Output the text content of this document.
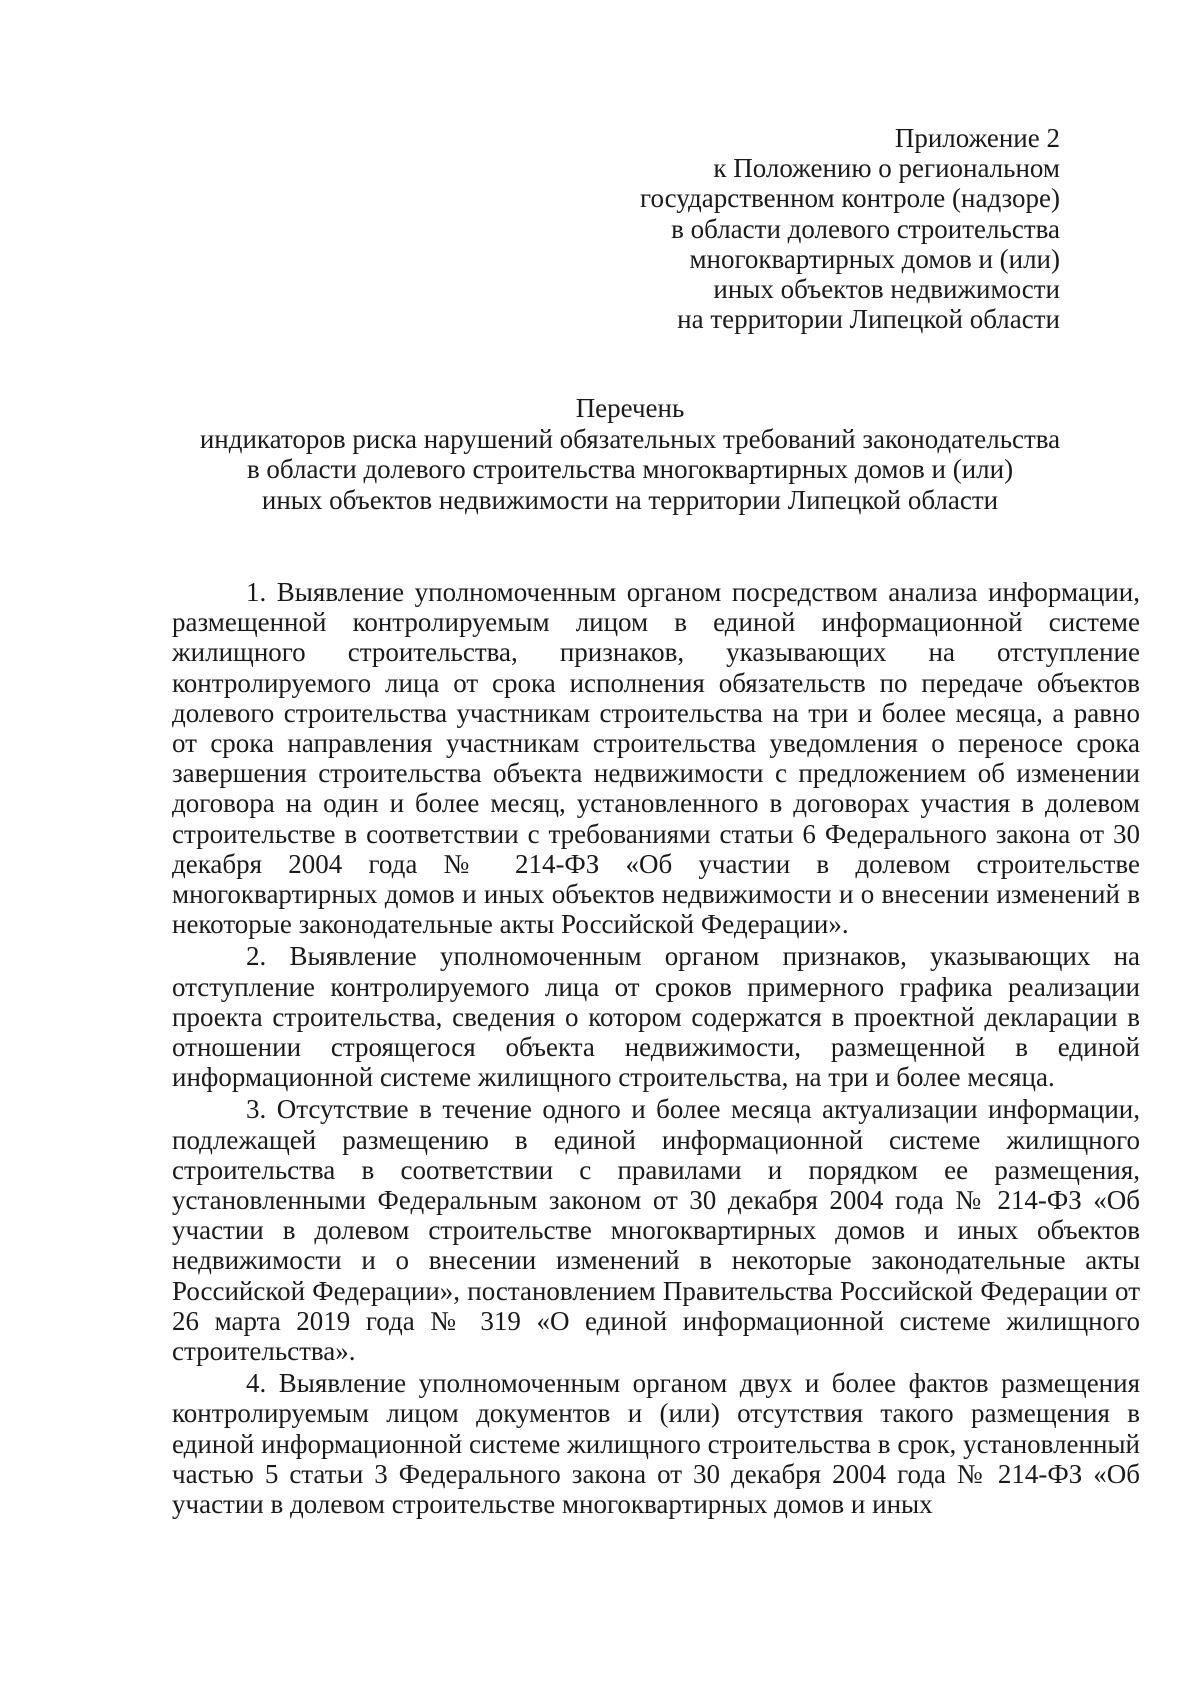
Приложение 2
к Положению о региональном
государственном контроле (надзоре)
в области долевого строительства
многоквартирных домов и (или)
иных объектов недвижимости
на территории Липецкой области
Перечень
индикаторов риска нарушений обязательных требований законодательства
в области долевого строительства многоквартирных домов и (или)
иных объектов недвижимости на территории Липецкой области

1. Выявление уполномоченным органом посредством анализа информации, размещенной контролируемым лицом в единой информационной системе жилищного строительства, признаков, указывающих на отступление контролируемого лица от срока исполнения обязательств по передаче объектов долевого строительства участникам строительства на три и более месяца, а равно от срока направления участникам строительства уведомления о переносе срока завершения строительства объекта недвижимости с предложением об изменении договора на один и более месяц, установленного в договорах участия в долевом строительстве в соответствии с требованиями статьи 6 Федерального закона от 30 декабря 2004 года № 214-ФЗ «Об участии в долевом строительстве многоквартирных домов и иных объектов недвижимости и о внесении изменений в некоторые законодательные акты Российской Федерации».

2. Выявление уполномоченным органом признаков, указывающих на отступление контролируемого лица от сроков примерного графика реализации проекта строительства, сведения о котором содержатся в проектной декларации в отношении строящегося объекта недвижимости, размещенной в единой информационной системе жилищного строительства, на три и более месяца.

3. Отсутствие в течение одного и более месяца актуализации информации, подлежащей размещению в единой информационной системе жилищного строительства в соответствии с правилами и порядком ее размещения, установленными Федеральным законом от 30 декабря 2004 года № 214-ФЗ «Об участии в долевом строительстве многоквартирных домов и иных объектов недвижимости и о внесении изменений в некоторые законодательные акты Российской Федерации», постановлением Правительства Российской Федерации от 26 марта 2019 года № 319 «О единой информационной системе жилищного строительства».

4. Выявление уполномоченным органом двух и более фактов размещения контролируемым лицом документов и (или) отсутствия такого размещения в единой информационной системе жилищного строительства в срок, установленный частью 5 статьи 3 Федерального закона от 30 декабря 2004 года № 214-ФЗ «Об участии в долевом строительстве многоквартирных домов и иных
